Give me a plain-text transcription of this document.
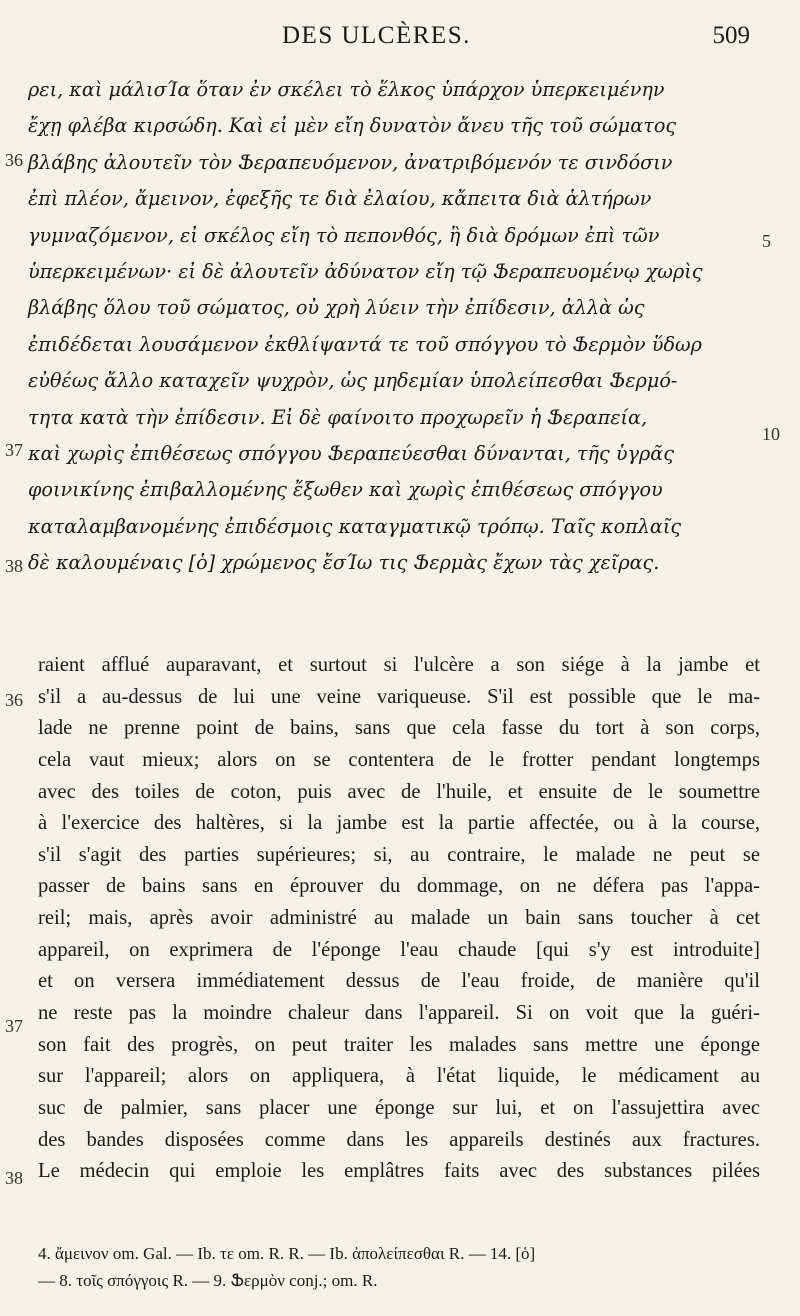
DES ULCÈRES.	509
ρει, καὶ μάλισΊα ὅταν ἐν σκέλει τὸ ἕλκος ὑπάρχον ὑπερκειμένην
ἔχῃ φλέβα κιρσώδη. Καὶ εἰ μὲν εἴη δυνατὸν ἄνευ τῆς τοῦ σώματος
βλάβης ἀλουτεῖν τὸν Ֆεραπευόμενον, ἀνατριβόμενόν τε σινδόσιν
ἐπὶ πλέον, ἄμεινον, ἐφεξῆς τε διὰ ἐλαίου, κἄπειτα διὰ ἁλτήρων
γυμναζόμενον, εἰ σκέλος εἴη τὸ πεπονθός, ἢ διὰ δρόμων ἐπὶ τῶν
ὑπερκειμένων· εἰ δὲ ἀλουτεῖν ἀδύνατον εἴη τῷ Ֆεραπευομένῳ χωρὶς
βλάβης ὅλου τοῦ σώματος, οὐ χρὴ λύειν τὴν ἐπίδεσιν, ἀλλὰ ὡς
ἐπιδέδεται λουσάμενον ἐκθλίψαντά τε τοῦ σπόγγου τὸ Ֆερμὸν ὕδωρ
εὐθέως ἄλλο καταχεῖν ψυχρὸν, ὡς μηδεμίαν ὑπολείπεσθαι Ֆερμό-
τητα κατὰ τὴν ἐπίδεσιν. Εἰ δὲ φαίνοιτο προχωρεῖν ἡ Ֆεραπεία,
καὶ χωρὶς ἐπιθέσεως σπόγγου Ֆεραπεύεσθαι δύνανται, τῆς ὑγρᾶς
φοινικίνης ἐπιβαλλομένης ἔξωθεν καὶ χωρὶς ἐπιθέσεως σπόγγου
καταλαμβανομένης ἐπιδέσμοις καταγματικῷ τρόπῳ. Ταῖς κοπλαῖς
δὲ καλουμέναις [ὁ] χρώμενος ἔσΊω τις Ֆερμὰς ἔχων τὰς χεῖρας.
36
37
38
5
10
raient afflué auparavant, et surtout si l'ulcère a son siége à la jambe et
s'il a au-dessus de lui une veine variqueuse. S'il est possible que le ma-
lade ne prenne point de bains, sans que cela fasse du tort à son corps,
cela vaut mieux; alors on se contentera de le frotter pendant longtemps
avec des toiles de coton, puis avec de l'huile, et ensuite de le soumettre
à l'exercice des haltères, si la jambe est la partie affectée, ou à la course,
s'il s'agit des parties supérieures; si, au contraire, le malade ne peut se
passer de bains sans en éprouver du dommage, on ne défera pas l'appa-
reil; mais, après avoir administré au malade un bain sans toucher à cet
appareil, on exprimera de l'éponge l'eau chaude [qui s'y est introduite]
et on versera immédiatement dessus de l'eau froide, de manière qu'il
ne reste pas la moindre chaleur dans l'appareil. Si on voit que la guéri-
son fait des progrès, on peut traiter les malades sans mettre une éponge
sur l'appareil; alors on appliquera, à l'état liquide, le médicament au
suc de palmier, sans placer une éponge sur lui, et on l'assujettira avec
des bandes disposées comme dans les appareils destinés aux fractures.
Le médecin qui emploie les emplâtres faits avec des substances pilées
36
37
38
4. ἄμεινον om. Gal. — Ib. τε om. R. R. — Ib. ἀπολείπεσθαι R. — 14. [ὁ]
— 8. τοῖς σπόγγοις R. — 9. Ֆερμὸν conj.; om. R.
